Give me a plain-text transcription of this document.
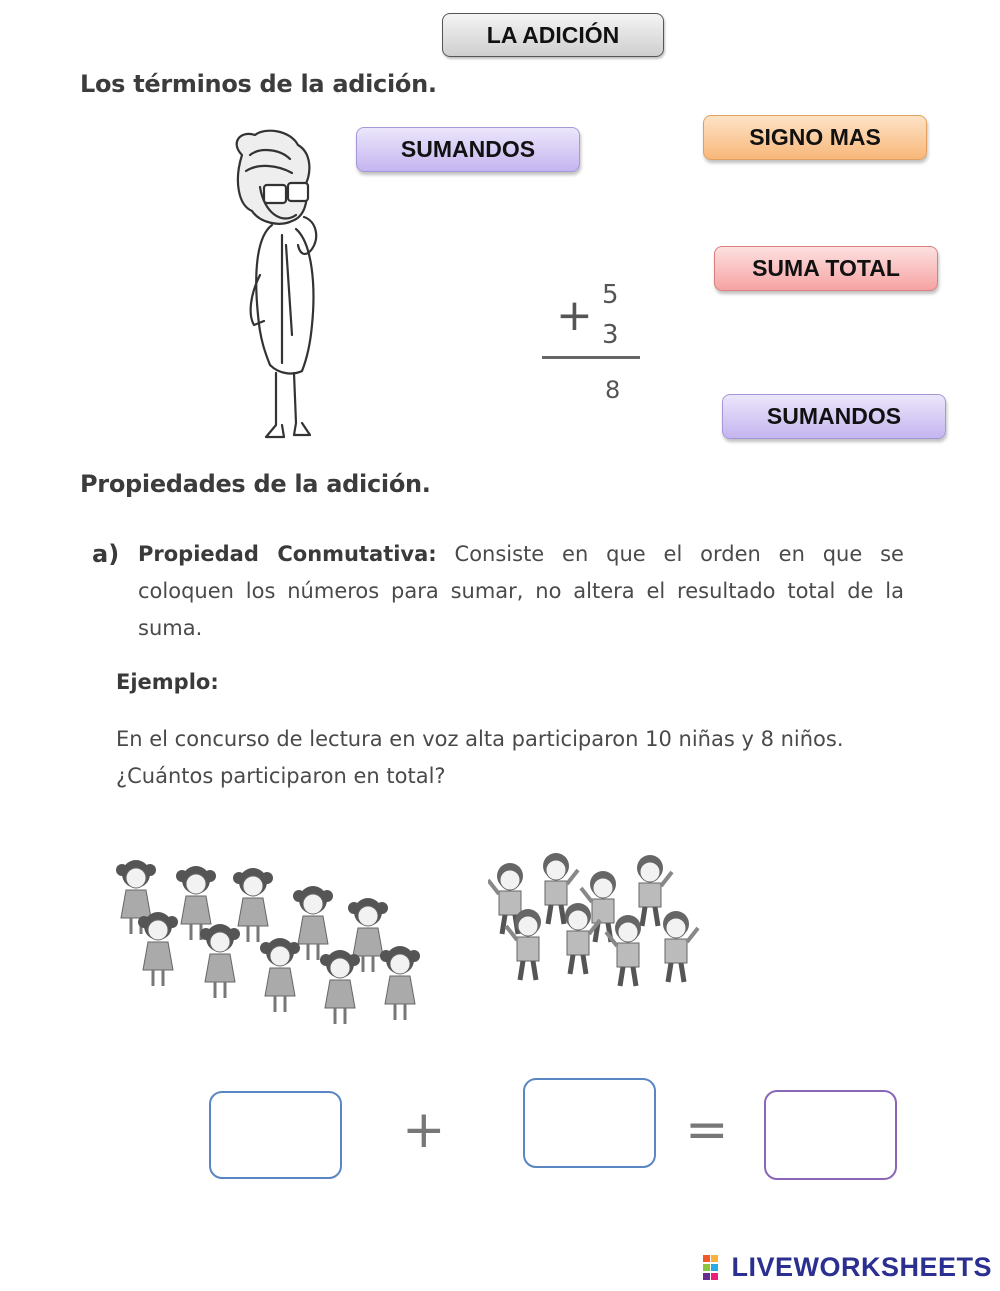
LA ADICIÓN
Los términos de la adición.
SUMANDOS	SIGNO MAS
SUMA TOTAL
SUMANDOS
+ 5
3
8
Propiedades de la adición.
a) Propiedad Conmutativa: Consiste en que el orden en que se coloquen los números para sumar, no altera el resultado total de la suma.
Ejemplo:
En el concurso de lectura en voz alta participaron 10 niñas y 8 niños. ¿Cuántos participaron en total?
+	=
LIVEWORKSHEETS
